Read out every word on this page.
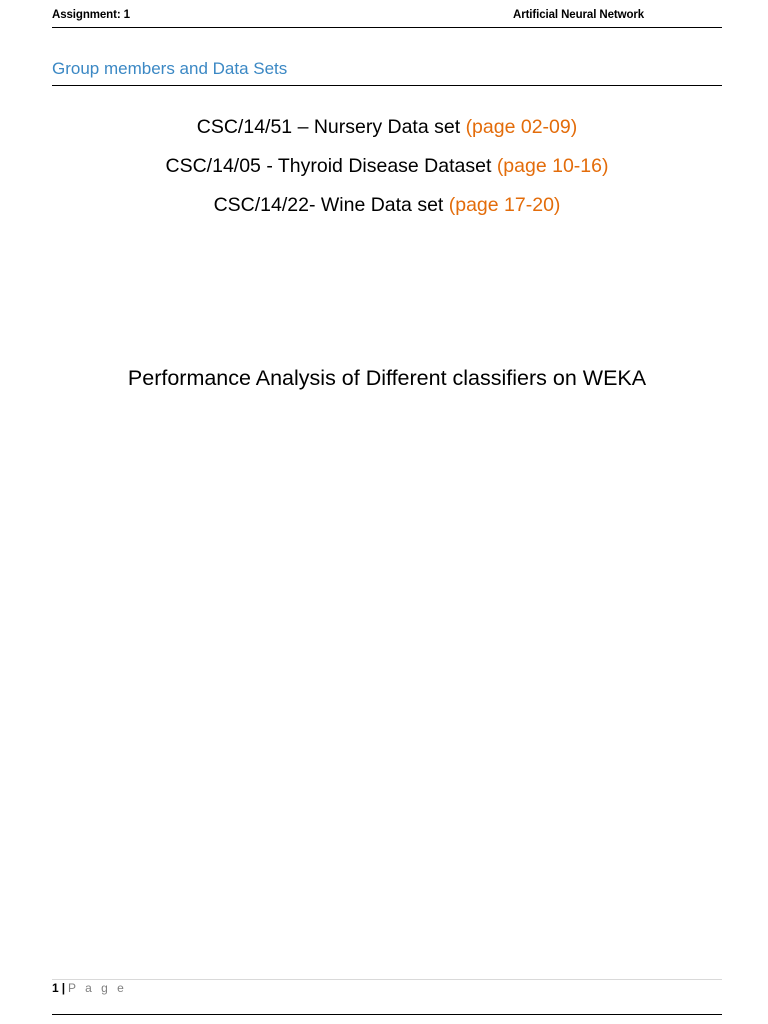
Assignment: 1	Artificial Neural Network
Group members and Data Sets
CSC/14/51 – Nursery Data set (page 02-09)
CSC/14/05 - Thyroid Disease Dataset (page 10-16)
CSC/14/22- Wine Data set (page 17-20)
Performance Analysis of Different classifiers on WEKA
1 | P a g e
